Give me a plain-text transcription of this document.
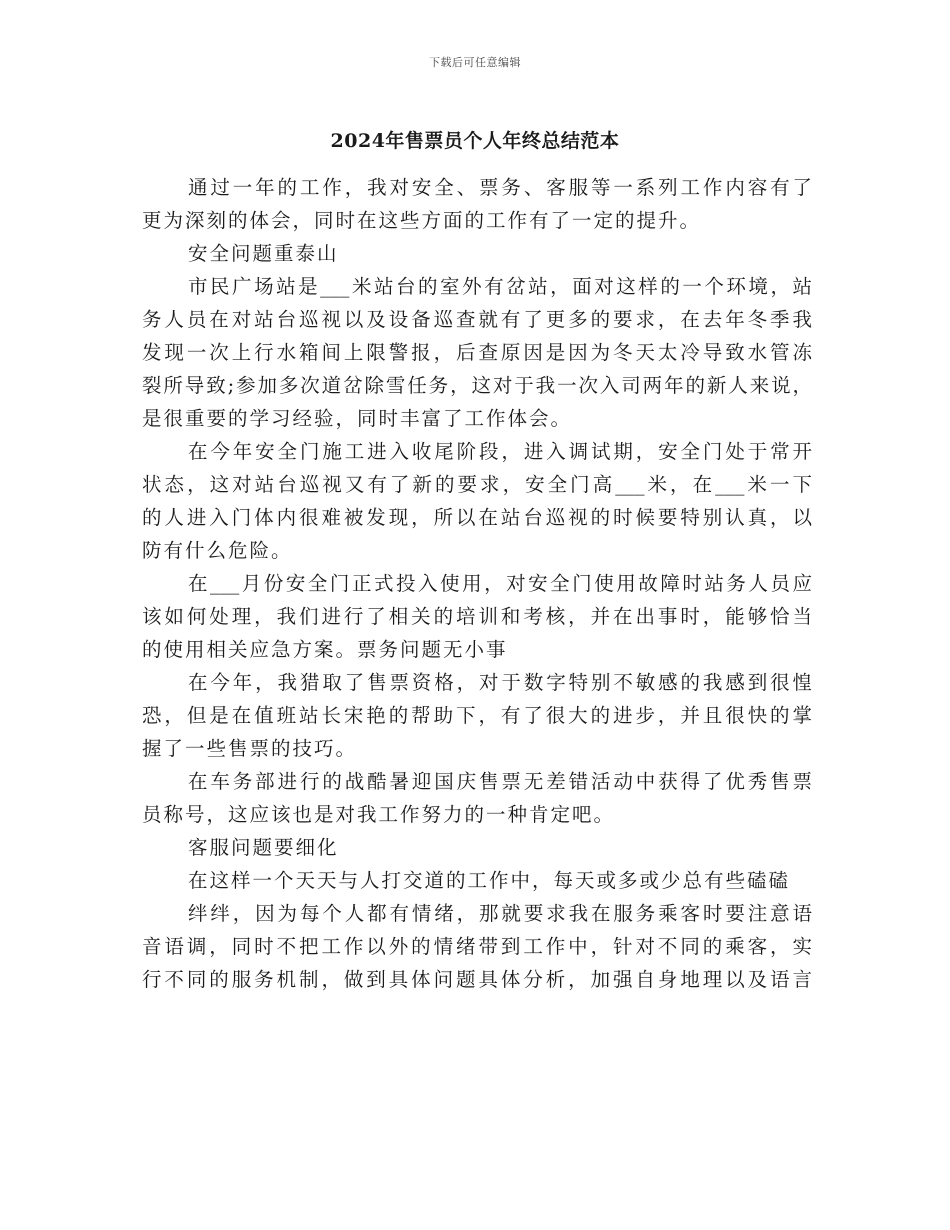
下载后可任意编辑
2024年售票员个人年终总结范本
通过一年的工作，我对安全、票务、客服等一系列工作内容有了
更为深刻的体会，同时在这些方面的工作有了一定的提升。
安全问题重泰山
市民广场站是___米站台的室外有岔站，面对这样的一个环境，站
务人员在对站台巡视以及设备巡查就有了更多的要求，在去年冬季我
发现一次上行水箱间上限警报，后查原因是因为冬天太冷导致水管冻
裂所导致;参加多次道岔除雪任务，这对于我一次入司两年的新人来说，
是很重要的学习经验，同时丰富了工作体会。
在今年安全门施工进入收尾阶段，进入调试期，安全门处于常开
状态，这对站台巡视又有了新的要求，安全门高___米，在___米一下
的人进入门体内很难被发现，所以在站台巡视的时候要特别认真，以
防有什么危险。
在___月份安全门正式投入使用，对安全门使用故障时站务人员应
该如何处理，我们进行了相关的培训和考核，并在出事时，能够恰当
的使用相关应急方案。票务问题无小事
在今年，我猎取了售票资格，对于数字特别不敏感的我感到很惶
恐，但是在值班站长宋艳的帮助下，有了很大的进步，并且很快的掌
握了一些售票的技巧。
在车务部进行的战酷暑迎国庆售票无差错活动中获得了优秀售票
员称号，这应该也是对我工作努力的一种肯定吧。
客服问题要细化
在这样一个天天与人打交道的工作中，每天或多或少总有些磕磕
绊绊，因为每个人都有情绪，那就要求我在服务乘客时要注意语
音语调，同时不把工作以外的情绪带到工作中，针对不同的乘客，实
行不同的服务机制，做到具体问题具体分析，加强自身地理以及语言
